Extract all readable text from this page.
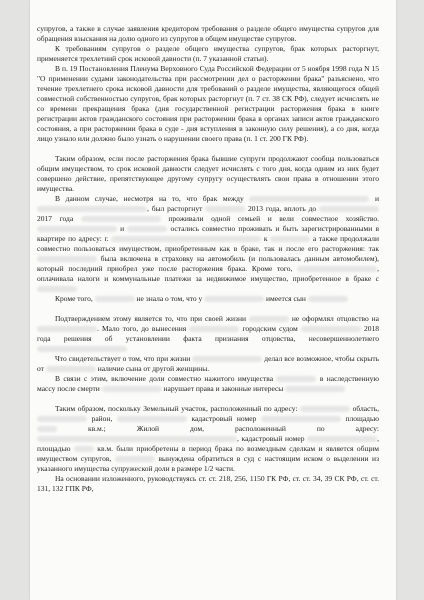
супругов, а также в случае заявления кредитором требования о разделе общего имущества супругов для обращения взыскания на долю одного из супругов в общем имуществе супругов.

К требованиям супругов о разделе общего имущества супругов, брак которых расторгнут, применяется трехлетний срок исковой давности (п. 7 указанной статьи).

В п. 19 Постановления Пленума Верховного Суда Российской Федерации от 5 ноября 1998 года N 15 "О применении судами законодательства при рассмотрении дел о расторжении брака" разъяснено, что течение трехлетнего срока исковой давности для требований о разделе имущества, являющегося общей совместной собственностью супругов, брак которых расторгнут (п. 7 ст. 38 СК РФ), следует исчислять не со времени прекращения брака (дня государственной регистрации расторжения брака в книге регистрации актов гражданского состояния при расторжении брака в органах записи актов гражданского состояния, а при расторжении брака в суде - дня вступления в законную силу решения), а со дня, когда лицо узнало или должно было узнать о нарушении своего права (п. 1 ст. 200 ГК РФ).

Таким образом, если после расторжения брака бывшие супруги продолжают сообща пользоваться общим имуществом, то срок исковой давности следует исчислять с того дня, когда одним из них будет совершено действие, препятствующее другому супругу осуществлять свои права в отношении этого имущества.

В данном случае, несмотря на то, что брак между	и , был расторгнут	2013 года, вплоть до  2017 года	проживали одной семьей и вели совместное хозяйство.  и	остались совместно проживать и быть зарегистрированными в квартире по адресу: г.	к	а также продолжали совместно пользоваться имуществом, приобретенным как в браке, так и после его расторжения: так  была включена в страховку на автомобиль (и пользовалась данным автомобилем), который последний приобрел уже после расторжения брака. Кроме того,	, оплачивала налоги и коммунальные платежи за недвижимое имущество, приобретенное в браке с

Кроме того,	не знала о том, что у	имеется сын

Подтверждением этому является то, что при своей жизни	не оформлял отцовство на . Мало того, до вынесения	городским судом	2018 года решения об установлении факта признания отцовства, несовершеннолетнего

Что свидетельствует о том, что при жизни	делал все возможное, чтобы скрыть от	наличие сына от другой женщины.

В связи с этим, включение доли совместно нажитого имущества	в наследственную массу после смерти	нарушает права и законные интересы

Таким образом, поскольку Земельный участок, расположенный по адресу:	область,  район,	кадастровый номер	площадью  кв.м.; Жилой дом, расположенный по адресу: , кадастровый номер	, площадью	кв.м. были приобретены в период брака по возмездным сделкам и является общим имуществом супругов,	вынуждена обратиться в суд с настоящим иском о выделении из указанного имущества супружеской доли в размере 1/2 части.

На основании изложенного, руководствуясь ст. ст. 218, 256, 1150 ГК РФ, ст. ст. 34, 39 СК РФ, ст. ст. 131, 132 ГПК РФ,
